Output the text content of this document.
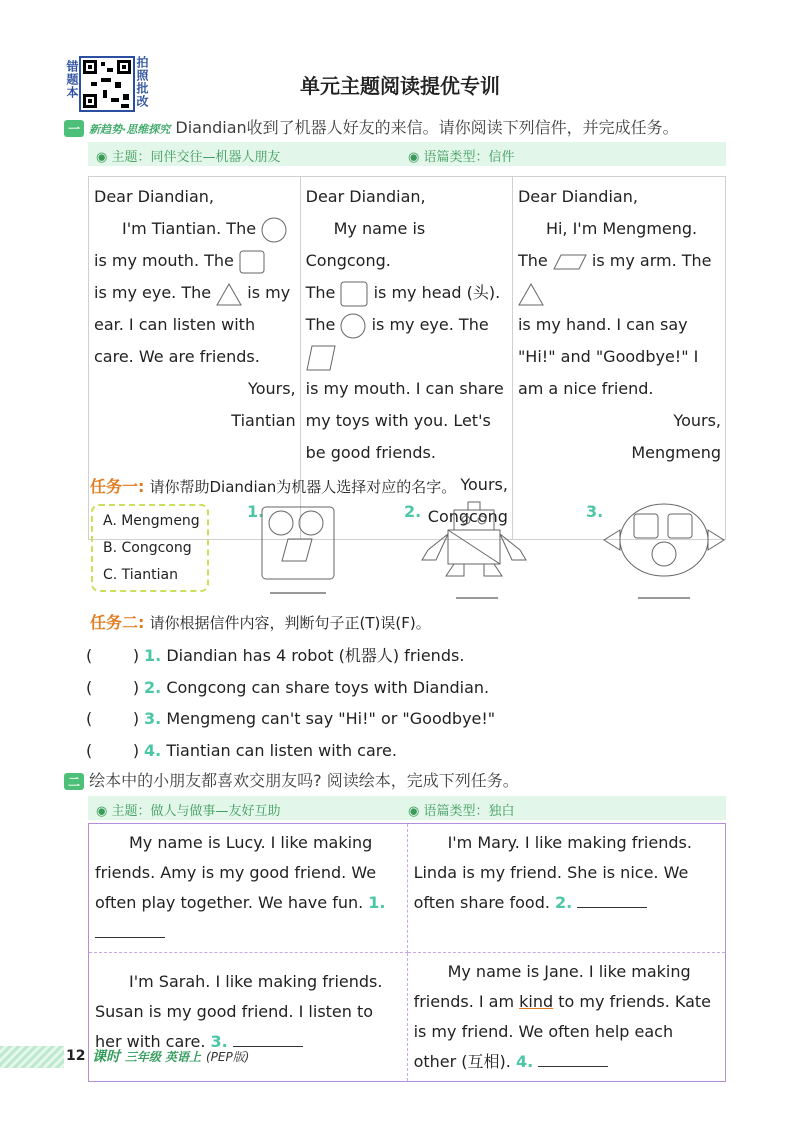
错题本	拍照批改	单元主题阅读提优专训
一 新趋势·思维探究 Diandian收到了机器人好友的来信。请你阅读下列信件，并完成任务。
◉ 主题：同伴交往—机器人朋友	◉ 语篇类型：信件
Dear Diandian,
I'm Tiantian. The
is my mouth. The
is my eye. The is my ear. I can listen with care. We are friends.
Yours,
Tiantian

Dear Diandian,
My name is Congcong.
The is my head (头).
The is my eye. The
is my mouth. I can share my toys with you. Let's be good friends.
Yours,
Congcong

Dear Diandian,
Hi, I'm Mengmeng.
The	is my arm. The
is my hand. I can say "Hi!" and "Goodbye!" I am a nice friend.
Yours,
Mengmeng
任务一: 请你帮助Diandian为机器人选择对应的名字。
A. Mengmeng
B. Congcong
C. Tiantian
1.	2.	3.
任务二: 请你根据信件内容，判断句子正(T)误(F)。
(        ) 1. Diandian has 4 robot (机器人) friends.
(        ) 2. Congcong can share toys with Diandian.
(        ) 3. Mengmeng can't say "Hi!" or "Goodbye!"
(        ) 4. Tiantian can listen with care.
二 绘本中的小朋友都喜欢交朋友吗? 阅读绘本，完成下列任务。
◉ 主题：做人与做事—友好互助	◉ 语篇类型：独白
My name is Lucy. I like making friends. Amy is my good friend. We often play together. We have fun. 1.	I'm Mary. I like making friends. Linda is my friend. She is nice. We often share food. 2.
I'm Sarah. I like making friends. Susan is my good friend. I listen to her with care. 3.	My name is Jane. I like making friends. I am kind to my friends. Kate is my friend. We often help each other (互相). 4.
12 课时 三年级 英语上 (PEP版)
